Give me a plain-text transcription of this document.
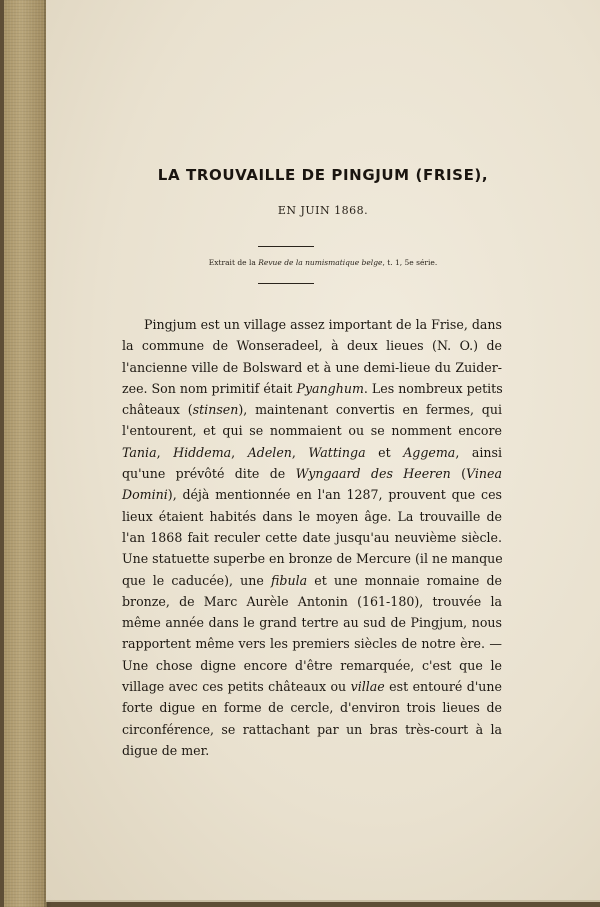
LA TROUVAILLE DE PINGJUM (FRISE),
EN JUIN 1868.
Extrait de la Revue de la numismatique belge, t. 1, 5e série.
Pingjum est un village assez important de la Frise, dans
la commune de Wonseradeel, à deux lieues (N. O.) de
l'ancienne ville de Bolsward et à une demi-lieue du Zuider-
zee. Son nom primitif était Pyanghum. Les nombreux petits
châteaux (stinsen), maintenant convertis en fermes, qui
l'entourent, et qui se nommaient ou se nomment encore
Tania, Hiddema, Adelen, Wattinga et Aggema, ainsi
qu'une prévôté dite de Wyngaard des Heeren (Vinea
Domini), déjà mentionnée en l'an 1287, prouvent que ces
lieux étaient habités dans le moyen âge. La trouvaille de
l'an 1868 fait reculer cette date jusqu'au neuvième siècle.
Une statuette superbe en bronze de Mercure (il ne manque
que le caducée), une fibula et une monnaie romaine de
bronze, de Marc Aurèle Antonin (161-180), trouvée la
même année dans le grand tertre au sud de Pingjum, nous
rapportent même vers les premiers siècles de notre ère. —
Une chose digne encore d'être remarquée, c'est que le
village avec ces petits châteaux ou villae est entouré d'une
forte digue en forme de cercle, d'environ trois lieues de
circonférence, se rattachant par un bras très-court à la
digue de mer.
